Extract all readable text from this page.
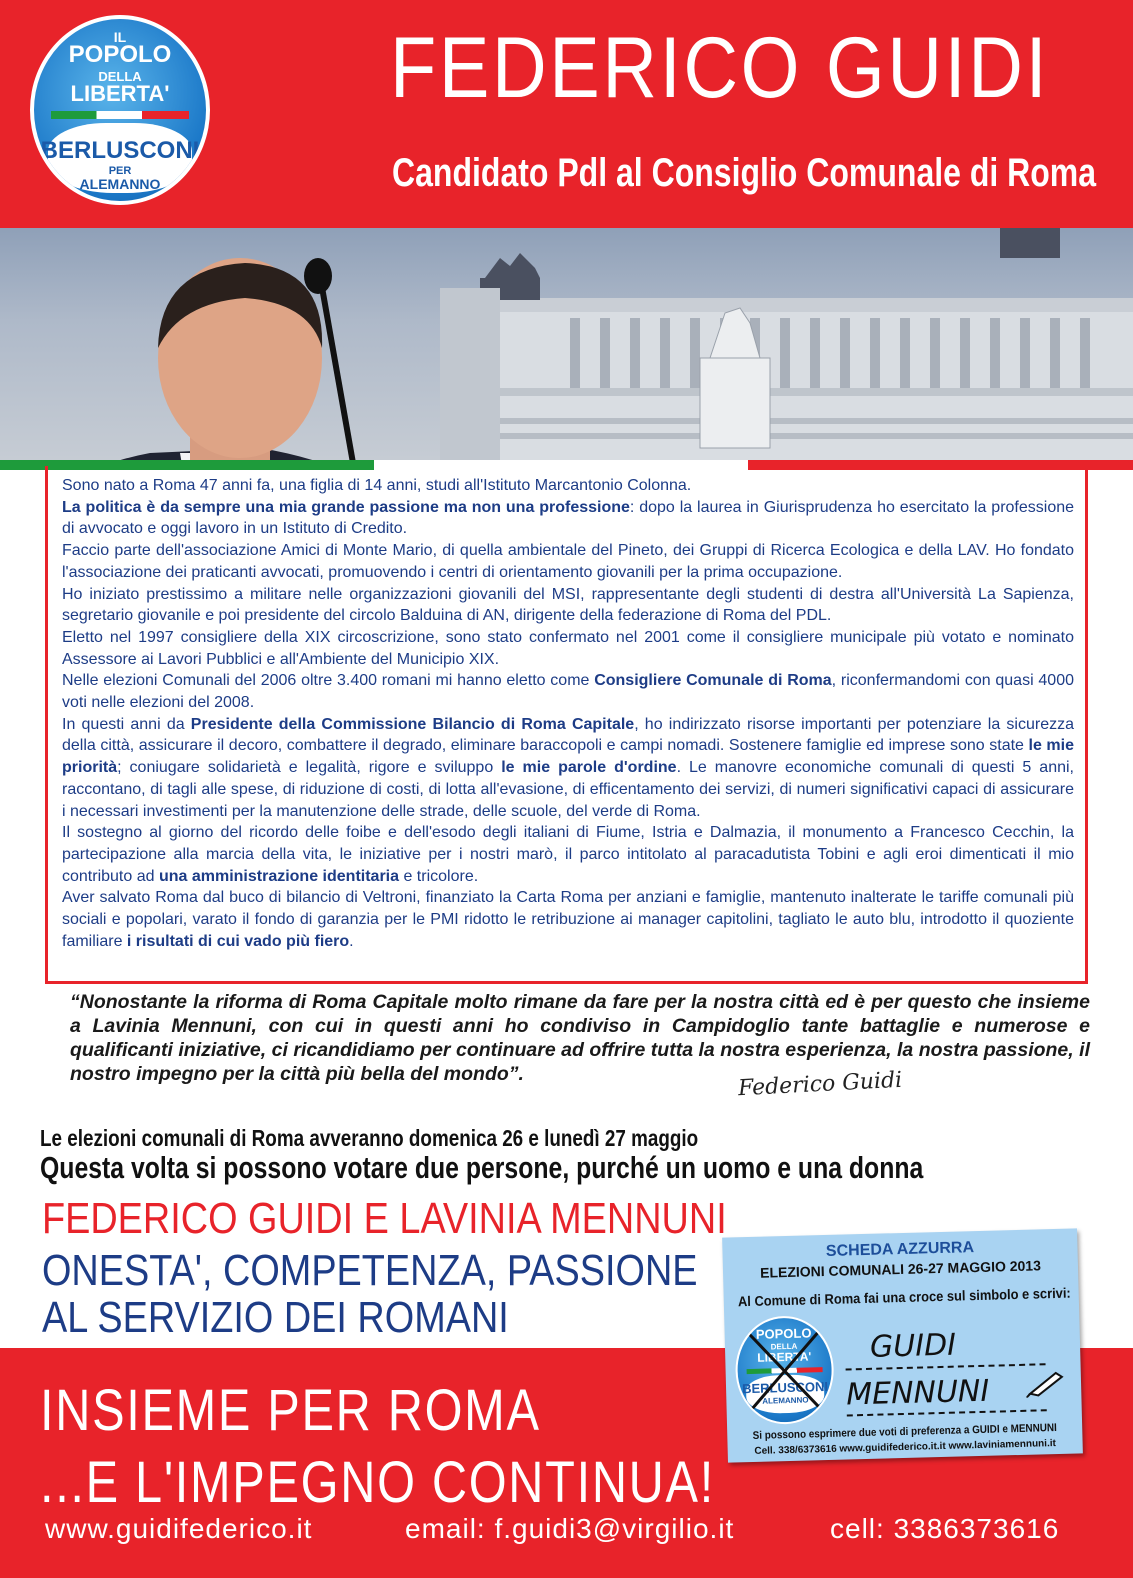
FEDERICO GUIDI
Candidato Pdl al Consiglio Comunale di Roma
IL
POPOLO
DELLA
LIBERTA'
BERLUSCONI
PER
ALEMANNO

Sono nato a Roma 47 anni fa, una figlia di 14 anni, studi all'Istituto Marcantonio Colonna.

La politica è da sempre una mia grande passione ma non una professione: dopo la laurea in Giurisprudenza ho esercitato la professione di avvocato e oggi lavoro in un Istituto di Credito.

Faccio parte dell'associazione Amici di Monte Mario, di quella ambientale del Pineto, dei Gruppi di Ricerca Ecologica e della LAV. Ho fondato l'associazione dei praticanti avvocati, promuovendo i centri di orientamento giovanili per la prima occupazione.

Ho iniziato prestissimo a militare nelle organizzazioni giovanili del MSI, rappresentante degli studenti di destra all'Università La Sapienza, segretario giovanile e poi presidente del circolo Balduina di AN, dirigente della federazione di Roma del PDL.

Eletto nel 1997 consigliere della XIX circoscrizione, sono stato confermato nel 2001 come il consigliere municipale più votato e nominato Assessore ai Lavori Pubblici e all'Ambiente del Municipio XIX.

Nelle elezioni Comunali del 2006 oltre 3.400 romani mi hanno eletto come Consigliere Comunale di Roma, riconfermandomi con quasi 4000 voti nelle elezioni del 2008.

In questi anni da Presidente della Commissione Bilancio di Roma Capitale, ho indirizzato risorse importanti per potenziare la sicurezza della città, assicurare il decoro, combattere il degrado, eliminare baraccopoli e campi nomadi. Sostenere famiglie ed imprese sono state le mie priorità; coniugare solidarietà e legalità, rigore e sviluppo le mie parole d'ordine. Le manovre economiche comunali di questi 5 anni, raccontano, di tagli alle spese, di riduzione di costi, di lotta all'evasione, di efficentamento dei servizi, di numeri significativi capaci di assicurare i necessari investimenti per la manutenzione delle strade, delle scuole, del verde di Roma.

Il sostegno al giorno del ricordo delle foibe e dell'esodo degli italiani di Fiume, Istria e Dalmazia, il monumento a Francesco Cecchin, la partecipazione alla marcia della vita, le iniziative per i nostri marò, il parco intitolato al paracadutista Tobini e agli eroi dimenticati il mio contributo ad una amministrazione identitaria e tricolore.

Aver salvato Roma dal buco di bilancio di Veltroni, finanziato la Carta Roma per anziani e famiglie, mantenuto inalterate le tariffe comunali più sociali e popolari, varato il fondo di garanzia per le PMI ridotto le retribuzione ai manager capitolini, tagliato le auto blu, introdotto il quoziente familiare i risultati di cui vado più fiero.

“Nonostante la riforma di Roma Capitale molto rimane da fare per la nostra città ed è per questo che insieme a Lavinia Mennuni, con cui in questi anni ho condiviso in Campidoglio tante battaglie e numerose e qualificanti iniziative, ci ricandidiamo per continuare ad offrire tutta la nostra esperienza, la nostra passione, il nostro impegno per la città più bella del mondo”.	Federico Guidi
Le elezioni comunali di Roma avveranno domenica 26 e lunedì 27 maggio
Questa volta si possono votare due persone, purché un uomo e una donna
FEDERICO GUIDI E LAVINIA MENNUNI
ONESTA', COMPETENZA, PASSIONE
AL SERVIZIO DEI ROMANI
INSIEME PER ROMA
...E L'IMPEGNO CONTINUA!
www.guidifederico.it	email: f.guidi3@virgilio.it	cell: 3386373616
SCHEDA AZZURRA
ELEZIONI COMUNALI 26-27 MAGGIO 2013
Al Comune di Roma fai una croce sul simbolo e scrivi:
POPOLO
DELLA
LIBERTA'
BERLUSCONI
ALEMANNO
GUIDI
MENNUNI
Si possono esprimere due voti di preferenza a GUIDI e MENNUNI
Cell. 338/6373616 www.guidifederico.it.it www.laviniamennuni.it
